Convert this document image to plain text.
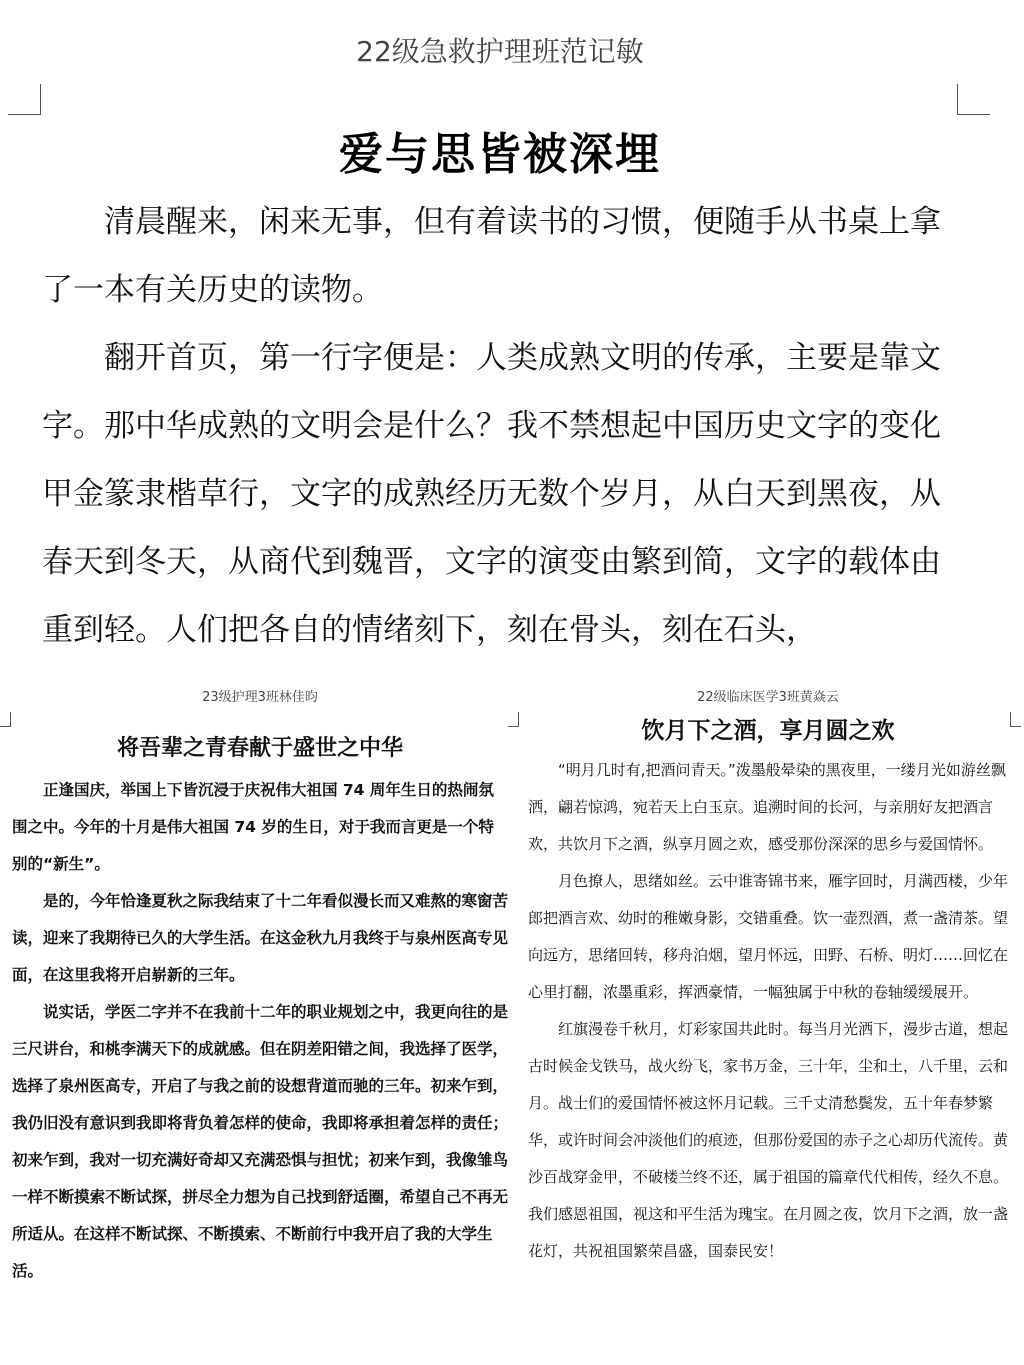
22级急救护理班范记敏
爱与思皆被深埋

清晨醒来，闲来无事，但有着读书的习惯，便随手从书桌上拿了一本有关历史的读物。

翻开首页，第一行字便是：人类成熟文明的传承，主要是靠文字。那中华成熟的文明会是什么？我不禁想起中国历史文字的变化甲金篆隶楷草行，文字的成熟经历无数个岁月，从白天到黑夜，从春天到冬天，从商代到魏晋，文字的演变由繁到简，文字的载体由重到轻。人们把各自的情绪刻下，刻在骨头，刻在石头，

23级护理3班林佳昀
将吾辈之青春献于盛世之中华

正逢国庆，举国上下皆沉浸于庆祝伟大祖国 74 周年生日的热闹氛围之中。今年的十月是伟大祖国 74 岁的生日，对于我而言更是一个特别的“新生”。

是的，今年恰逢夏秋之际我结束了十二年看似漫长而又难熬的寒窗苦读，迎来了我期待已久的大学生活。在这金秋九月我终于与泉州医高专见面，在这里我将开启崭新的三年。

说实话，学医二字并不在我前十二年的职业规划之中，我更向往的是三尺讲台，和桃李满天下的成就感。但在阴差阳错之间，我选择了医学，选择了泉州医高专，开启了与我之前的设想背道而驰的三年。初来乍到，我仍旧没有意识到我即将背负着怎样的使命，我即将承担着怎样的责任；初来乍到，我对一切充满好奇却又充满恐惧与担忧；初来乍到，我像雏鸟一样不断摸索不断试探，拼尽全力想为自己找到舒适圈，希望自己不再无所适从。在这样不断试探、不断摸索、不断前行中我开启了我的大学生活。

22级临床医学3班黄焱云
饮月下之酒，享月圆之欢

“明月几时有,把酒问青天。”泼墨般晕染的黑夜里，一缕月光如游丝飘洒，翩若惊鸿，宛若天上白玉京。追溯时间的长河，与亲朋好友把酒言欢，共饮月下之酒，纵享月圆之欢，感受那份深深的思乡与爱国情怀。

月色撩人，思绪如丝。云中谁寄锦书来，雁字回时，月满西楼，少年郎把酒言欢、幼时的稚嫩身影，交错重叠。饮一壶烈酒，煮一盏清茶。望向远方，思绪回转，移舟泊烟，望月怀远，田野、石桥、明灯……回忆在心里打翻，浓墨重彩，挥洒豪情，一幅独属于中秋的卷轴缓缓展开。

红旗漫卷千秋月，灯彩家国共此时。每当月光洒下，漫步古道，想起古时候金戈铁马，战火纷飞，家书万金，三十年，尘和土，八千里，云和月。战士们的爱国情怀被这怀月记载。三千丈清愁鬓发，五十年春梦繁华，或许时间会冲淡他们的痕迹，但那份爱国的赤子之心却历代流传。黄沙百战穿金甲，不破楼兰终不还，属于祖国的篇章代代相传，经久不息。我们感恩祖国，视这和平生活为瑰宝。在月圆之夜，饮月下之酒，放一盏花灯，共祝祖国繁荣昌盛，国泰民安！
